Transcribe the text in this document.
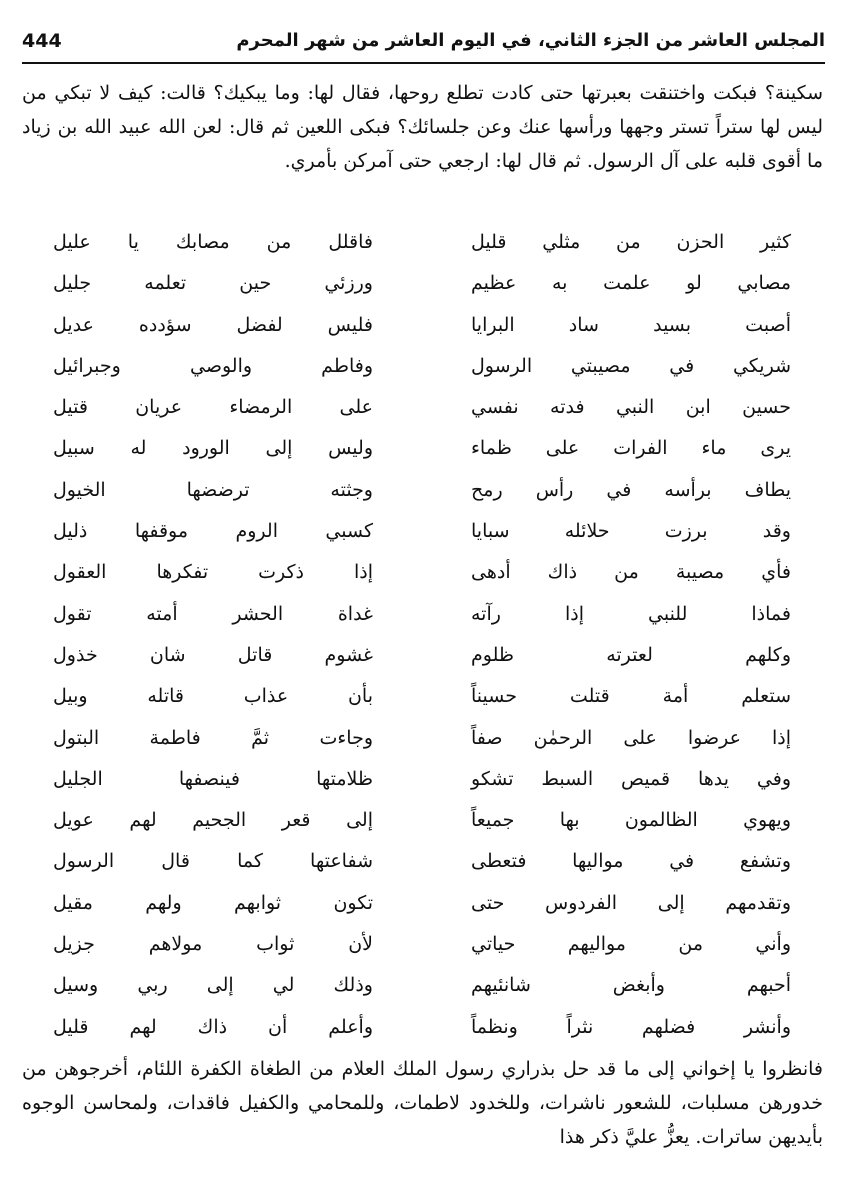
المجلس العاشر من الجزء الثاني، في اليوم العاشر من شهر المحرم
444
سكينة؟ فبكت واختنقت بعبرتها حتى كادت تطلع روحها، فقال لها: وما يبكيك؟ قالت: كيف لا تبكي من ليس لها ستراً تستر وجهها ورأسها عنك وعن جلسائك؟ فبكى اللعين ثم قال: لعن الله عبيد الله بن زياد ما أقوى قلبه على آل الرسول. ثم قال لها: ارجعي حتى آمركن بأمري.
كثير الحزن من مثلي قليل
فاقلل من مصابك يا عليل
مصابي لو علمت به عظيم
ورزئي حين تعلمه جليل
أصبت بسيد ساد البرايا
فليس لفضل سؤدده عديل
شريكي في مصيبتي الرسول
وفاطم والوصي وجبرائيل
حسين ابن النبي فدته نفسي
على الرمضاء عريان قتيل
يرى ماء الفرات على ظماء
وليس إلى الورود له سبيل
يطاف برأسه في رأس رمح
وجثته ترضضها الخيول
وقد برزت حلائله سبايا
كسبي الروم موقفها ذليل
فأي مصيبة من ذاك أدهى
إذا ذكرت تفكرها العقول
فماذا للنبي إذا رآته
غداة الحشر أمته تقول
وكلهم لعترته ظلوم
غشوم قاتل شان خذول
ستعلم أمة قتلت حسيناً
بأن عذاب قاتله وبيل
إذا عرضوا على الرحمٰن صفاً
وجاءت ثمَّ فاطمة البتول
وفي يدها قميص السبط تشكو
ظلامتها فينصفها الجليل
ويهوي الظالمون بها جميعاً
إلى قعر الجحيم لهم عويل
وتشفع في مواليها فتعطى
شفاعتها كما قال الرسول
وتقدمهم إلى الفردوس حتى
تكون ثوابهم ولهم مقيل
وأني من مواليهم حياتي
لأن ثواب مولاهم جزيل
أحبهم وأبغض شانئيهم
وذلك لي إلى ربي وسيل
وأنشر فضلهم نثراً ونظماً
وأعلم أن ذاك لهم قليل
فانظروا يا إخواني إلى ما قد حل بذراري رسول الملك العلام من الطغاة الكفرة اللئام، أخرجوهن من خدورهن مسلبات، للشعور ناشرات، وللخدود لاطمات، وللمحامي والكفيل فاقدات، ولمحاسن الوجوه بأيديهن ساترات. يعزُّ عليَّ ذكر هذا
